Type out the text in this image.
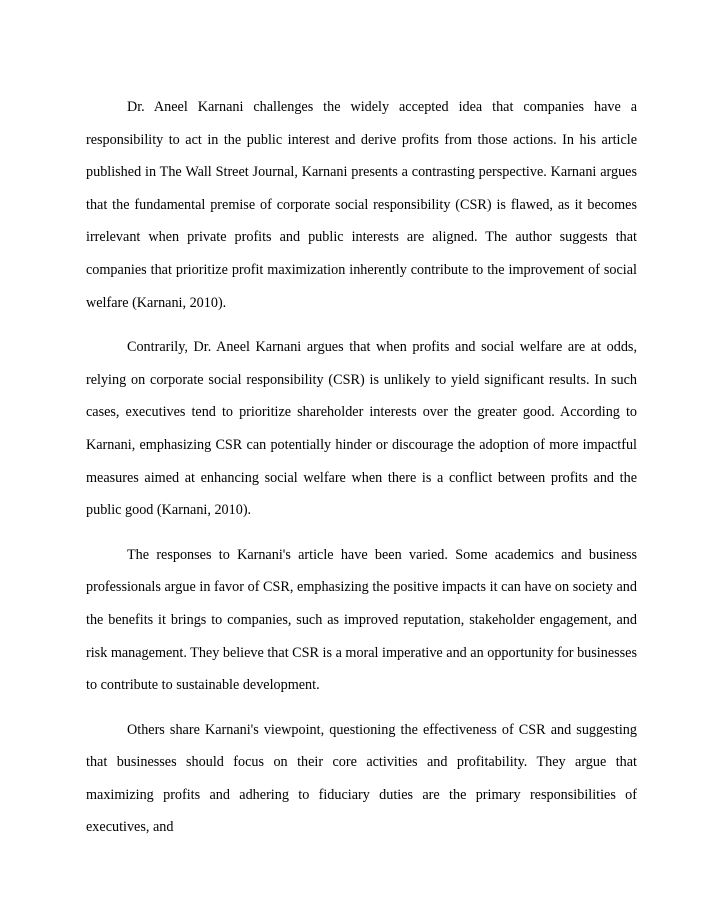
Dr. Aneel Karnani challenges the widely accepted idea that companies have a responsibility to act in the public interest and derive profits from those actions. In his article published in The Wall Street Journal, Karnani presents a contrasting perspective. Karnani argues that the fundamental premise of corporate social responsibility (CSR) is flawed, as it becomes irrelevant when private profits and public interests are aligned. The author suggests that companies that prioritize profit maximization inherently contribute to the improvement of social welfare (Karnani, 2010).

Contrarily, Dr. Aneel Karnani argues that when profits and social welfare are at odds, relying on corporate social responsibility (CSR) is unlikely to yield significant results. In such cases, executives tend to prioritize shareholder interests over the greater good. According to Karnani, emphasizing CSR can potentially hinder or discourage the adoption of more impactful measures aimed at enhancing social welfare when there is a conflict between profits and the public good (Karnani, 2010).

The responses to Karnani's article have been varied. Some academics and business professionals argue in favor of CSR, emphasizing the positive impacts it can have on society and the benefits it brings to companies, such as improved reputation, stakeholder engagement, and risk management. They believe that CSR is a moral imperative and an opportunity for businesses to contribute to sustainable development.

Others share Karnani's viewpoint, questioning the effectiveness of CSR and suggesting that businesses should focus on their core activities and profitability. They argue that maximizing profits and adhering to fiduciary duties are the primary responsibilities of executives, and
